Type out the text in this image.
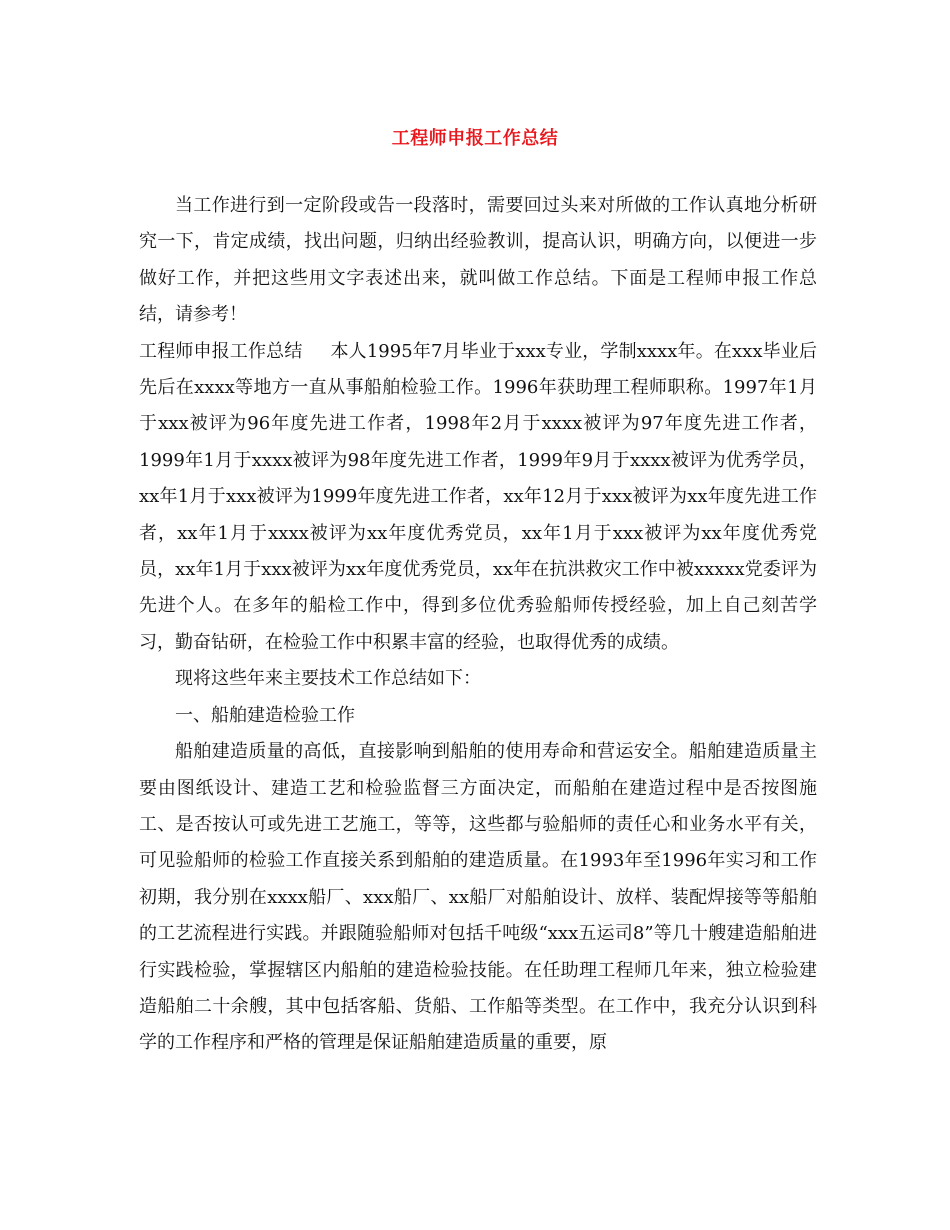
工程师申报工作总结

当工作进行到一定阶段或告一段落时，需要回过头来对所做的工作认真地分析研究一下，肯定成绩，找出问题，归纳出经验教训，提高认识，明确方向，以便进一步做好工作，并把这些用文字表述出来，就叫做工作总结。下面是工程师申报工作总结，请参考！

工程师申报工作总结 本人1995年7月毕业于xxx专业，学制xxxx年。在xxx毕业后先后在xxxx等地方一直从事船舶检验工作。1996年获助理工程师职称。1997年1月于xxx被评为96年度先进工作者，1998年2月于xxxx被评为97年度先进工作者，1999年1月于xxxx被评为98年度先进工作者，1999年9月于xxxx被评为优秀学员，xx年1月于xxx被评为1999年度先进工作者，xx年12月于xxx被评为xx年度先进工作者，xx年1月于xxxx被评为xx年度优秀党员，xx年1月于xxx被评为xx年度优秀党员，xx年1月于xxx被评为xx年度优秀党员，xx年在抗洪救灾工作中被xxxxx党委评为先进个人。在多年的船检工作中，得到多位优秀验船师传授经验，加上自己刻苦学习，勤奋钻研，在检验工作中积累丰富的经验，也取得优秀的成绩。

现将这些年来主要技术工作总结如下：

一、船舶建造检验工作

船舶建造质量的高低，直接影响到船舶的使用寿命和营运安全。船舶建造质量主要由图纸设计、建造工艺和检验监督三方面决定，而船舶在建造过程中是否按图施工、是否按认可或先进工艺施工，等等，这些都与验船师的责任心和业务水平有关，可见验船师的检验工作直接关系到船舶的建造质量。在1993年至1996年实习和工作初期，我分别在xxxx船厂、xxx船厂、xx船厂对船舶设计、放样、装配焊接等等船舶的工艺流程进行实践。并跟随验船师对包括千吨级“xxx五运司8”等几十艘建造船舶进行实践检验，掌握辖区内船舶的建造检验技能。在任助理工程师几年来，独立检验建造船舶二十余艘，其中包括客船、货船、工作船等类型。在工作中，我充分认识到科学的工作程序和严格的管理是保证船舶建造质量的重要，原
